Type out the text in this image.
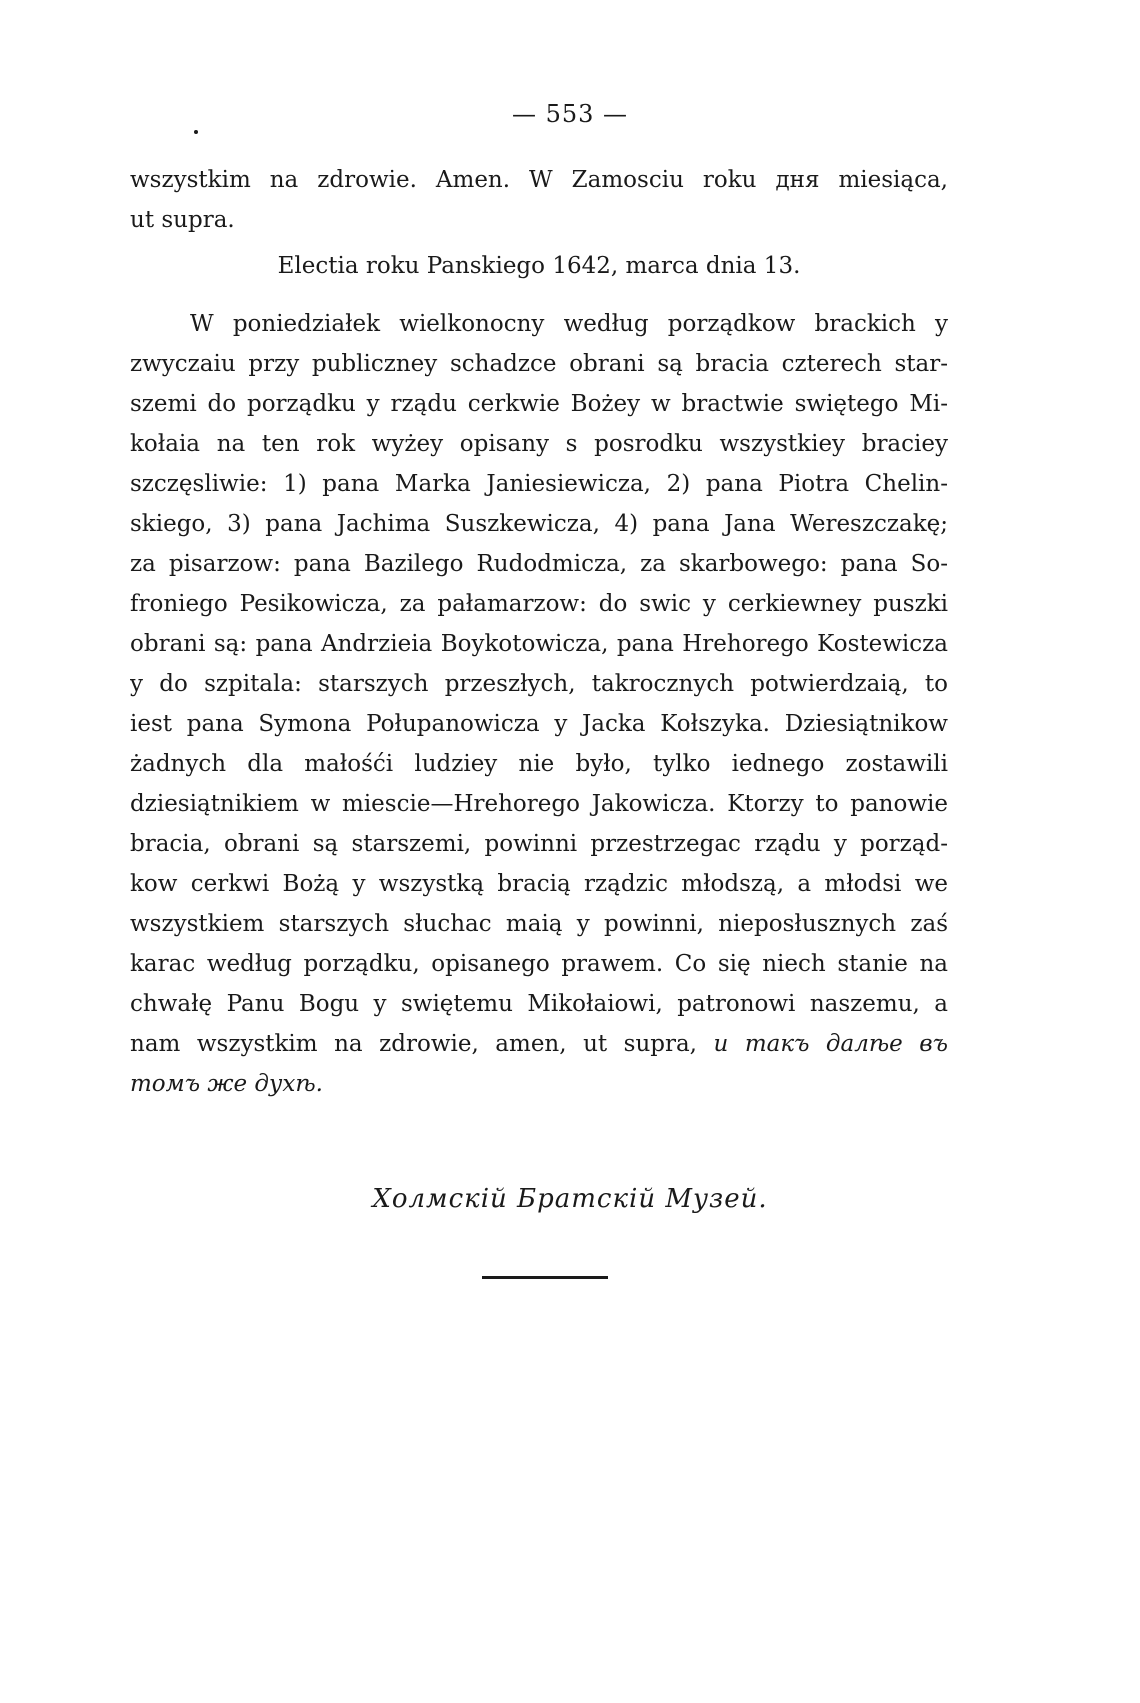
— 553 —
wszystkim na zdrowie. Amen. W Zamosciu roku дня miesiąca,
ut supra.
Electia roku Panskiego 1642, marca dnia 13.
W poniedziałek wielkonocny według porządkow brackich y
zwyczaiu przy publiczney schadzce obrani są bracia czterech star-
szemi do porządku y rządu cerkwie Bożey w bractwie swiętego Mi-
kołaia na ten rok wyżey opisany s posrodku wszystkiey braciey
szczęsliwie: 1) pana Marka Janiesiewicza, 2) pana Piotra Chelin-
skiego, 3) pana Jachima Suszkewicza, 4) pana Jana Wereszczakę;
za pisarzow: pana Bazilego Rudodmicza, za skarbowego: pana So-
froniego Pesikowicza, za pałamarzow: do swic y cerkiewney puszki
obrani są: pana Andrzieia Boykotowicza, pana Hrehorego Kostewicza
y do szpitala: starszych przeszłych, takrocznych potwierdzaią, to
iest pana Symona Połupanowicza y Jacka Kołszyka. Dziesiątnikow
żadnych dla małośći ludziey nie było, tylko iednego zostawili
dziesiątnikiem w miescie—Hrehorego Jakowicza. Ktorzy to panowie
bracia, obrani są starszemi, powinni przestrzegac rządu y porząd-
kow cerkwi Bożą y wszystką bracią rządzic młodszą, a młodsi we
wszystkiem starszych słuchac maią y powinni, nieposłusznych zaś
karac według porządku, opisanego prawem. Co się niech stanie na
chwałę Panu Bogu y swiętemu Mikołaiowi, patronowi naszemu, a
nam wszystkim na zdrowie, amen, ut supra, и такъ далѣе въ
томъ же духѣ.
Холмскій Братскій Музей.
